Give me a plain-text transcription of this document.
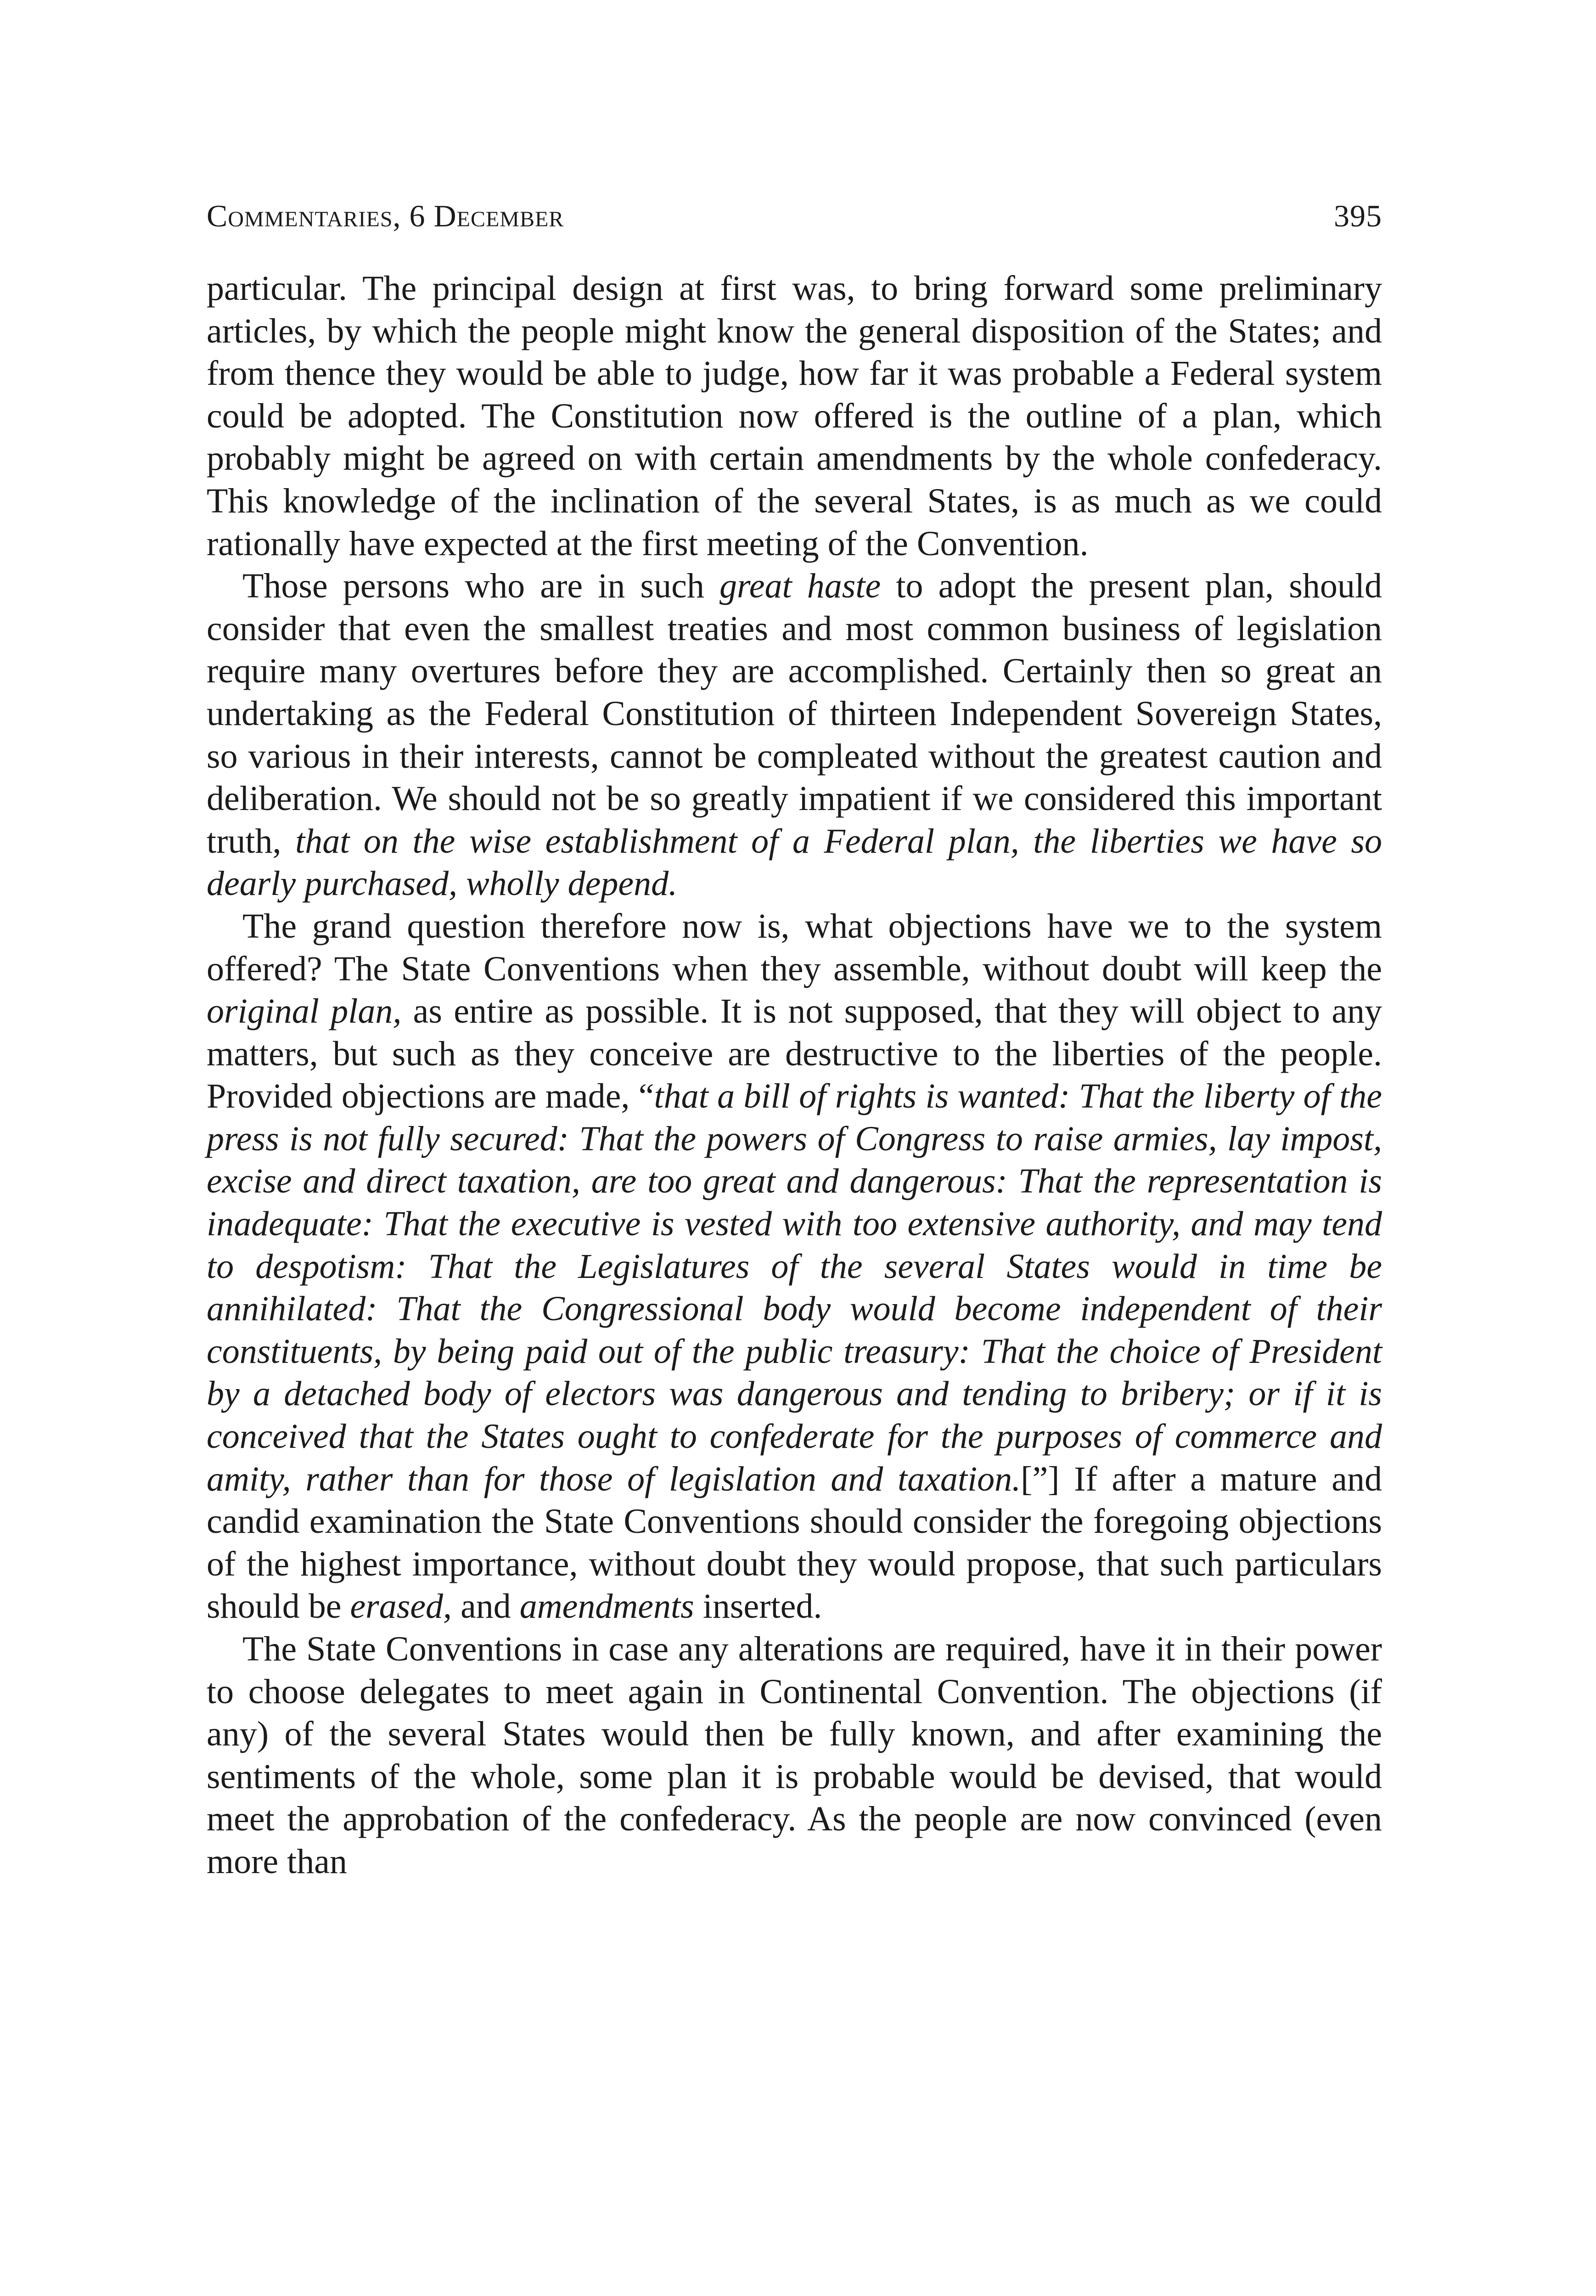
Commentaries, 6 December	395

particular. The principal design at first was, to bring forward some preliminary articles, by which the people might know the general disposition of the States; and from thence they would be able to judge, how far it was probable a Federal system could be adopted. The Constitution now offered is the outline of a plan, which probably might be agreed on with certain amendments by the whole confederacy. This knowledge of the inclination of the several States, is as much as we could rationally have expected at the first meeting of the Convention.

Those persons who are in such great haste to adopt the present plan, should consider that even the smallest treaties and most common business of legislation require many overtures before they are accomplished. Certainly then so great an undertaking as the Federal Constitution of thirteen Independent Sovereign States, so various in their interests, cannot be compleated without the greatest caution and deliberation. We should not be so greatly impatient if we considered this important truth, that on the wise establishment of a Federal plan, the liberties we have so dearly purchased, wholly depend.

The grand question therefore now is, what objections have we to the system offered? The State Conventions when they assemble, without doubt will keep the original plan, as entire as possible. It is not supposed, that they will object to any matters, but such as they conceive are destructive to the liberties of the people. Provided objections are made, “that a bill of rights is wanted: That the liberty of the press is not fully secured: That the powers of Congress to raise armies, lay impost, excise and direct taxation, are too great and dangerous: That the representation is inadequate: That the executive is vested with too extensive authority, and may tend to despotism: That the Legislatures of the several States would in time be annihilated: That the Congressional body would become independent of their constituents, by being paid out of the public treasury: That the choice of President by a detached body of electors was dangerous and tending to bribery; or if it is conceived that the States ought to confederate for the purposes of commerce and amity, rather than for those of legislation and taxation.[”] If after a mature and candid examination the State Conventions should consider the foregoing objections of the highest importance, without doubt they would propose, that such particulars should be erased, and amendments inserted.

The State Conventions in case any alterations are required, have it in their power to choose delegates to meet again in Continental Convention. The objections (if any) of the several States would then be fully known, and after examining the sentiments of the whole, some plan it is probable would be devised, that would meet the approbation of the confederacy. As the people are now convinced (even more than
